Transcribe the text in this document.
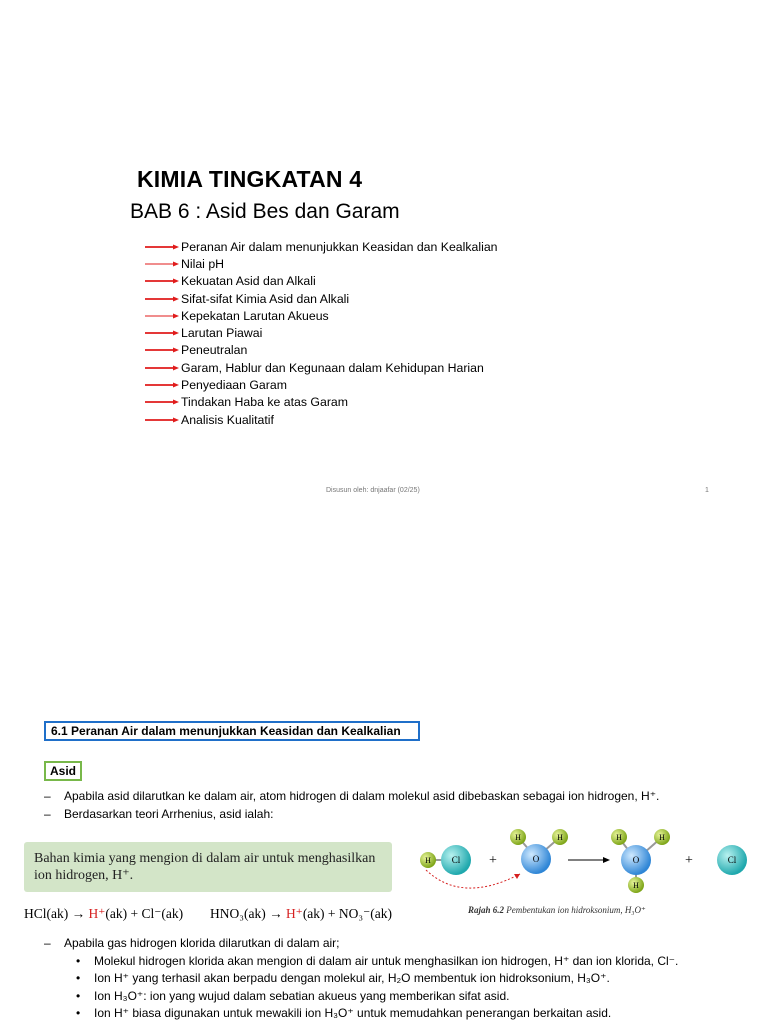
KIMIA TINGKATAN 4
BAB 6 : Asid Bes dan Garam
Peranan Air dalam menunjukkan Keasidan dan Kealkalian
Nilai pH
Kekuatan Asid dan Alkali
Sifat-sifat Kimia Asid dan Alkali
Kepekatan Larutan Akueus
Larutan Piawai
Peneutralan
Garam, Hablur dan Kegunaan dalam Kehidupan Harian
Penyediaan Garam
Tindakan Haba ke atas Garam
Analisis Kualitatif
Disusun oleh: dnjaafar (02/25)	1
6.1 Peranan Air dalam menunjukkan Keasidan dan Kealkalian
Asid
– Apabila asid dilarutkan ke dalam air, atom hidrogen di dalam molekul asid dibebaskan sebagai ion hidrogen, H⁺.
– Berdasarkan teori Arrhenius, asid ialah:
Bahan kimia yang mengion di dalam air untuk menghasilkan
ion hidrogen, H⁺.
HCl(ak) → H⁺(ak) + Cl⁻(ak) HNO₃(ak) → H⁺(ak) + NO₃⁻(ak)
H Cl +
H	H
O
H	H
H
O	+	Cl
Rajah 6.2 Pembentukan ion hidroksonium, H₃O⁺
– Apabila gas hidrogen klorida dilarutkan di dalam air;
• Molekul hidrogen klorida akan mengion di dalam air untuk menghasilkan ion hidrogen, H⁺ dan ion klorida, Cl⁻.
• Ion H⁺ yang terhasil akan berpadu dengan molekul air, H₂O membentuk ion hidroksonium, H₃O⁺.
• Ion H₃O⁺: ion yang wujud dalam sebatian akueus yang memberikan sifat asid.
• Ion H⁺ biasa digunakan untuk mewakili ion H₃O⁺ untuk memudahkan penerangan berkaitan asid.
